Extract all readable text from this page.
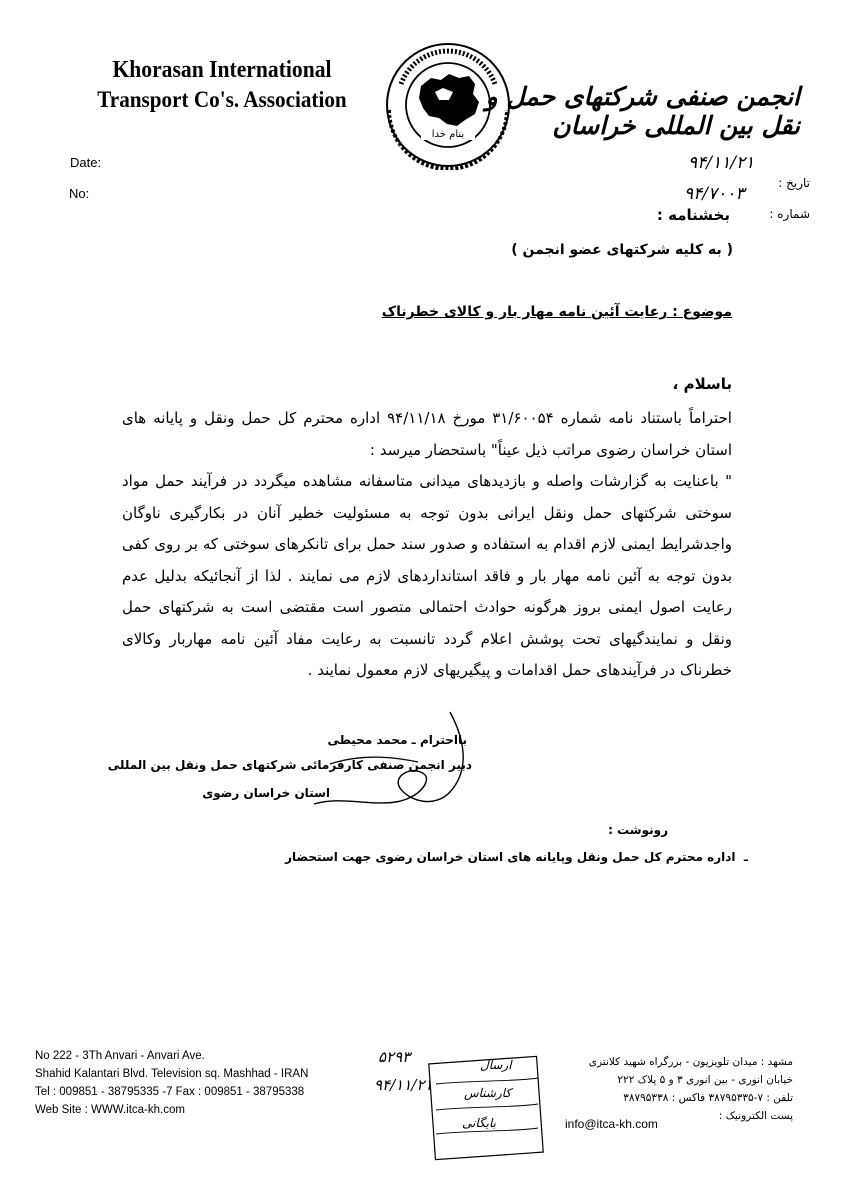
Khorasan International
Transport Co's. Association	انجمن صنفی شرکتهای حمل و نقل بین المللی خراسان
بنام خدا
Date:
No:
تاریخ :
شماره :
۹۴/۱۱/۲۱
۹۴/۷۰۰۳
بخشنامه :
( به کلیه شرکتهای عضو انجمن )
موضوع : رعایت آئین نامه مهار بار و کالای خطرناک
باسلام ،

احتراماً باستناد نامه شماره ۳۱/۶۰۰۵۴ مورخ ۹۴/۱۱/۱۸ اداره محترم کل حمل ونقل و پایانه های استان خراسان رضوی مراتب ذیل عیناً" باستحضار میرسد :

" باعنایت به گزارشات واصله و بازدیدهای میدانی متاسفانه مشاهده میگردد در فرآیند حمل مواد سوختی شرکتهای حمل ونقل ایرانی بدون توجه به مسئولیت خطیر آنان در بکارگیری ناوگان واجدشرایط ایمنی لازم اقدام به استفاده و صدور سند حمل برای تانکرهای سوختی که بر روی کفی بدون توجه به آئین نامه مهار بار و فاقد استانداردهای لازم می نمایند . لذا از آنجائیکه بدلیل عدم رعایت اصول ایمنی بروز هرگونه حوادث احتمالی متصور است مقتضی است به شرکتهای حمل ونقل و نمایندگیهای تحت پوشش اعلام گردد تانسبت به رعایت مفاد آئین نامه مهاربار وکالای خطرناک در فرآیندهای حمل اقدامات و پیگیریهای لازم معمول نمایند .

بااحترام ـ محمد محیطی
دبیر انجمن صنفی کارفرمائی شرکتهای حمل ونقل بین المللی
استان خراسان رضوی
رونوشت :
ـ  اداره محترم کل حمل ونقل وپایانه های استان خراسان رضوی جهت استحضار
۵۲۹۳
۹۴/۱۱/۲۱
ارسال
کارشناس
بایگانی
No 222 - 3Th Anvari - Anvari Ave.
Shahid Kalantari Blvd. Television sq. Mashhad - IRAN
Tel : 009851 - 38795335 -7 Fax : 009851 - 38795338
Web Site : WWW.itca-kh.com
مشهد : میدان تلویزیون - بزرگراه شهید کلانتری
خیابان انوری - بین انوری ۳ و ۵ پلاک ۲۲۲
تلفن : ۷-۳۸۷۹۵۳۳۵ فاکس : ۳۸۷۹۵۳۳۸
پست الکترونیک :
info@itca-kh.com
